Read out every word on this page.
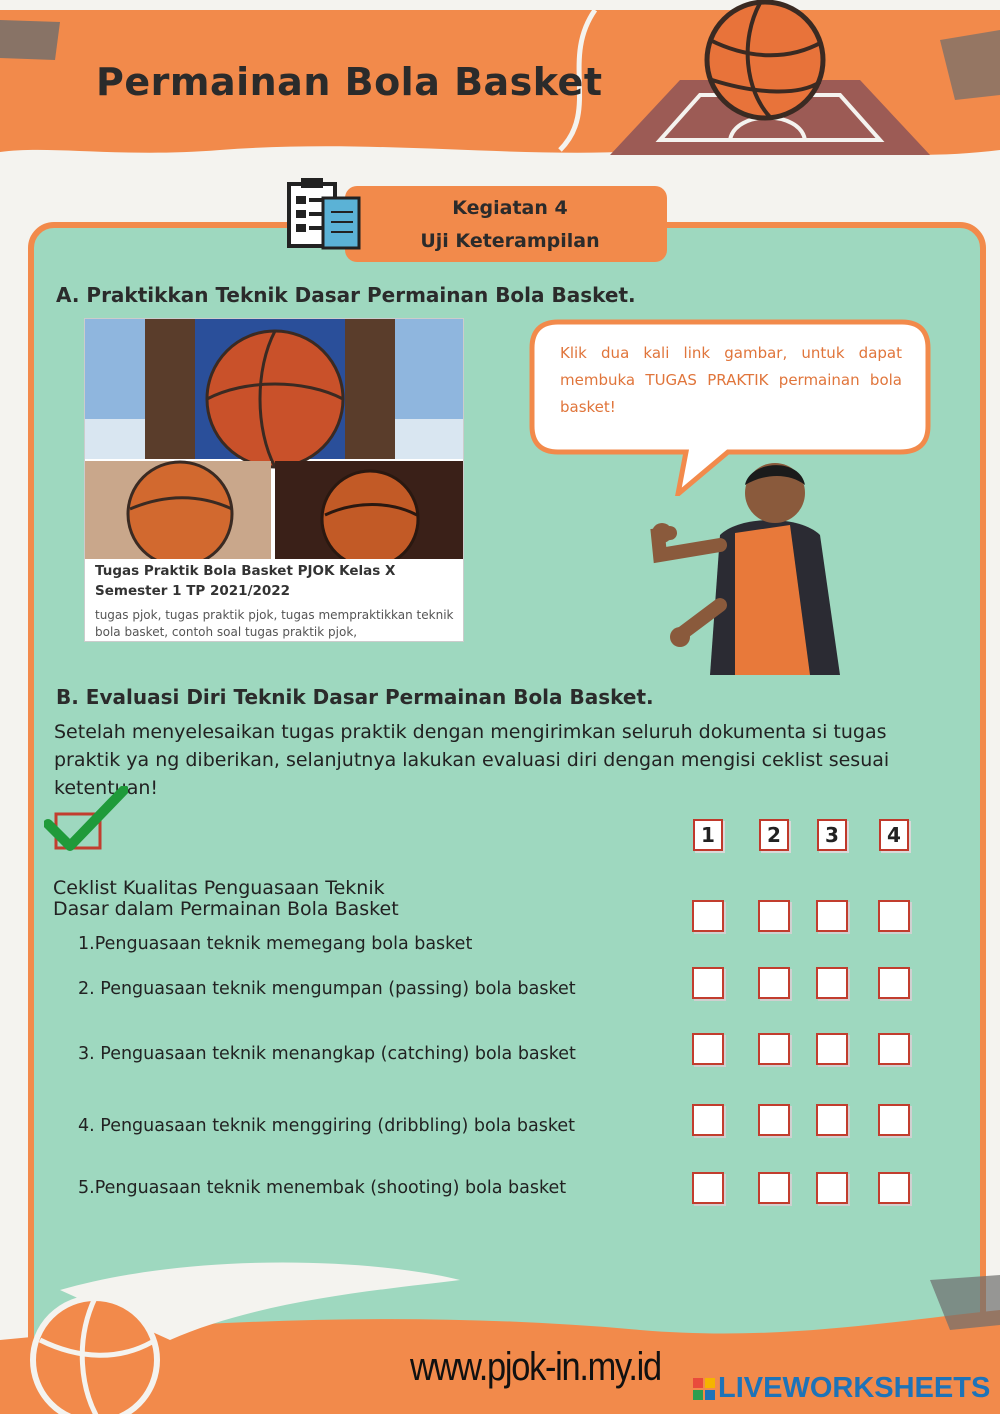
Permainan Bola Basket
Kegiatan 4
Uji Keterampilan
A. Praktikkan Teknik Dasar Permainan Bola Basket.
Tugas Praktik Bola Basket PJOK Kelas X Semester 1 TP 2021/2022
tugas pjok, tugas praktik pjok, tugas mempraktikkan teknik bola basket, contoh soal tugas praktik pjok,
Klik dua kali link gambar, untuk dapat membuka TUGAS PRAKTIK permainan bola basket!
B. Evaluasi Diri Teknik Dasar Permainan Bola Basket.
Setelah menyelesaikan tugas praktik dengan mengirimkan seluruh dokumenta si tugas praktik ya ng diberikan, selanjutnya lakukan evaluasi diri dengan mengisi ceklist sesuai ketentuan!
1	2	3	4
Ceklist Kualitas Penguasaan Teknik
Dasar dalam Permainan Bola Basket
1.Penguasaan teknik memegang bola basket
2. Penguasaan teknik mengumpan (passing) bola basket
3. Penguasaan teknik menangkap (catching) bola basket
4. Penguasaan teknik menggiring (dribbling) bola basket
5.Penguasaan teknik menembak (shooting) bola basket
www.pjok-in.my.id LIVEWORKSHEETS
